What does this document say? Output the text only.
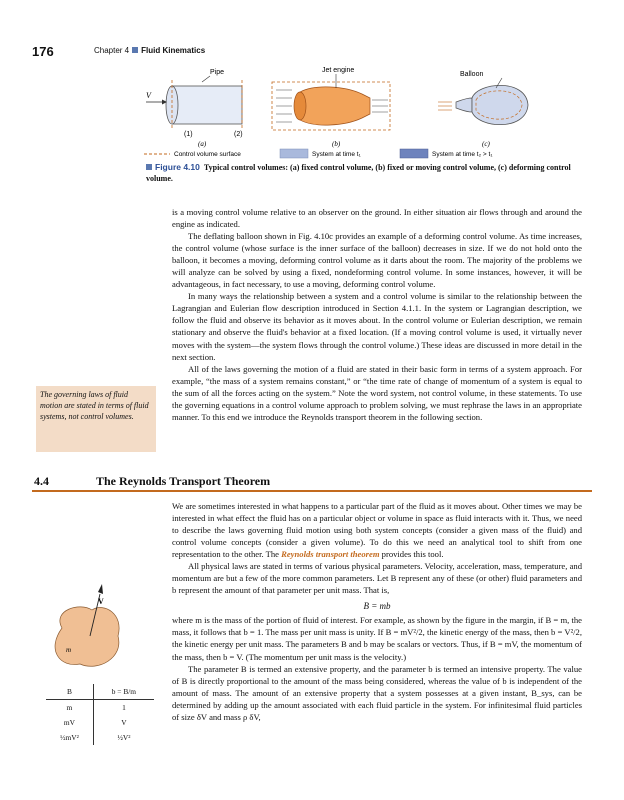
176	Chapter 4 Fluid Kinematics
V
Pipe
(1)	(2)
Jet engine
Balloon
(a)	(b)	(c)
Control volume surface	System at time t₁	System at time t₂ > t₁
Figure 4.10 Typical control volumes: (a) fixed control volume, (b) fixed or moving control volume, (c) deforming control volume.

is a moving control volume relative to an observer on the ground. In either situation air flows through and around the engine as indicated.

The deflating balloon shown in Fig. 4.10c provides an example of a deforming control volume. As time increases, the control volume (whose surface is the inner surface of the balloon) decreases in size. If we do not hold onto the balloon, it becomes a moving, deforming control volume as it darts about the room. The majority of the problems we will analyze can be solved by using a fixed, nondeforming control volume. In some instances, however, it will be advantageous, in fact necessary, to use a moving, deforming control volume.

In many ways the relationship between a system and a control volume is similar to the relationship between the Lagrangian and Eulerian flow description introduced in Section 4.1.1. In the system or Lagrangian description, we follow the fluid and observe its behavior as it moves about. In the control volume or Eulerian description, we remain stationary and observe the fluid's behavior at a fixed location. (If a moving control volume is used, it virtually never moves with the system—the system flows through the control volume.) These ideas are discussed in more detail in the next section.

All of the laws governing the motion of a fluid are stated in their basic form in terms of a system approach. For example, “the mass of a system remains constant,” or “the time rate of change of momentum of a system is equal to the sum of all the forces acting on the system.” Note the word system, not control volume, in these statements. To use the governing equations in a control volume approach to problem solving, we must rephrase the laws in an appropriate manner. To this end we introduce the Reynolds transport theorem in the following section.

The governing laws of fluid motion are stated in terms of fluid systems, not control volumes.
4.4	The Reynolds Transport Theorem

We are sometimes interested in what happens to a particular part of the fluid as it moves about. Other times we may be interested in what effect the fluid has on a particular object or volume in space as fluid interacts with it. Thus, we need to describe the laws governing fluid motion using both system concepts (consider a given mass of the fluid) and control volume concepts (consider a given volume). To do this we need an analytical tool to shift from one representation to the other. The Reynolds transport theorem provides this tool.

All physical laws are stated in terms of various physical parameters. Velocity, acceleration, mass, temperature, and momentum are but a few of the more common parameters. Let B represent any of these (or other) fluid parameters and b represent the amount of that parameter per unit mass. That is,

B = mb

where m is the mass of the portion of fluid of interest. For example, as shown by the figure in the margin, if B = m, the mass, it follows that b = 1. The mass per unit mass is unity. If B = mV²/2, the kinetic energy of the mass, then b = V²/2, the kinetic energy per unit mass. The parameters B and b may be scalars or vectors. Thus, if B = mV, the momentum of the mass, then b = V. (The momentum per unit mass is the velocity.)

The parameter B is termed an extensive property, and the parameter b is termed an intensive property. The value of B is directly proportional to the amount of the mass being considered, whereas the value of b is independent of the amount of mass. The amount of an extensive property that a system possesses at a given instant, B_sys, can be determined by adding up the amount associated with each fluid particle in the system. For infinitesimal fluid particles of size δV and mass ρ δV,

V
m
B	b = B/m
m	1
mV	V
½mV²	½V²
